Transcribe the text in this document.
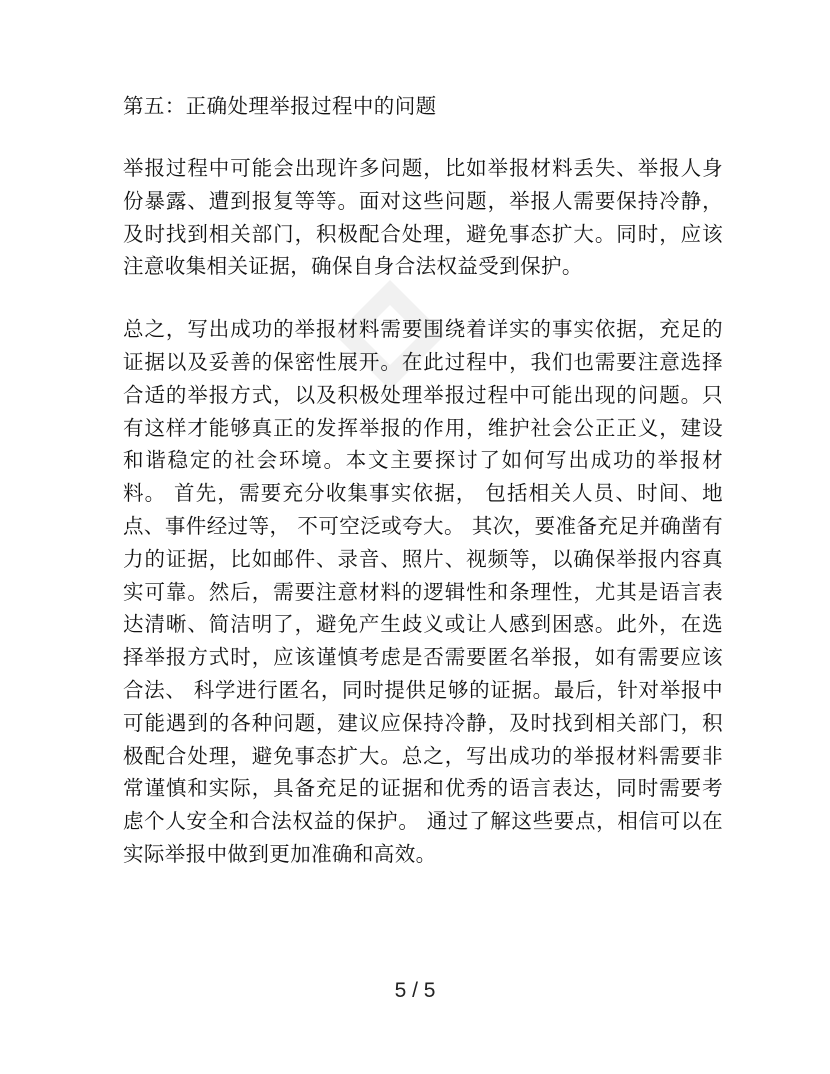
第五：正确处理举报过程中的问题

举报过程中可能会出现许多问题，比如举报材料丢失、举报人身份暴露、遭到报复等等。面对这些问题，举报人需要保持冷静，及时找到相关部门，积极配合处理，避免事态扩大。同时，应该注意收集相关证据，确保自身合法权益受到保护。

总之，写出成功的举报材料需要围绕着详实的事实依据，充足的证据以及妥善的保密性展开。在此过程中，我们也需要注意选择合适的举报方式，以及积极处理举报过程中可能出现的问题。只有这样才能够真正的发挥举报的作用，维护社会公正正义，建设和谐稳定的社会环境。本文主要探讨了如何写出成功的举报材料。 首先，需要充分收集事实依据， 包括相关人员、时间、地点、事件经过等， 不可空泛或夸大。 其次，要准备充足并确凿有力的证据，比如邮件、录音、照片、视频等，以确保举报内容真实可靠。然后，需要注意材料的逻辑性和条理性，尤其是语言表达清晰、简洁明了，避免产生歧义或让人感到困惑。此外，在选择举报方式时，应该谨慎考虑是否需要匿名举报，如有需要应该合法、 科学进行匿名，同时提供足够的证据。最后，针对举报中可能遇到的各种问题，建议应保持冷静，及时找到相关部门，积极配合处理，避免事态扩大。总之，写出成功的举报材料需要非常谨慎和实际，具备充足的证据和优秀的语言表达，同时需要考虑个人安全和合法权益的保护。 通过了解这些要点，相信可以在实际举报中做到更加准确和高效。

5 / 5
